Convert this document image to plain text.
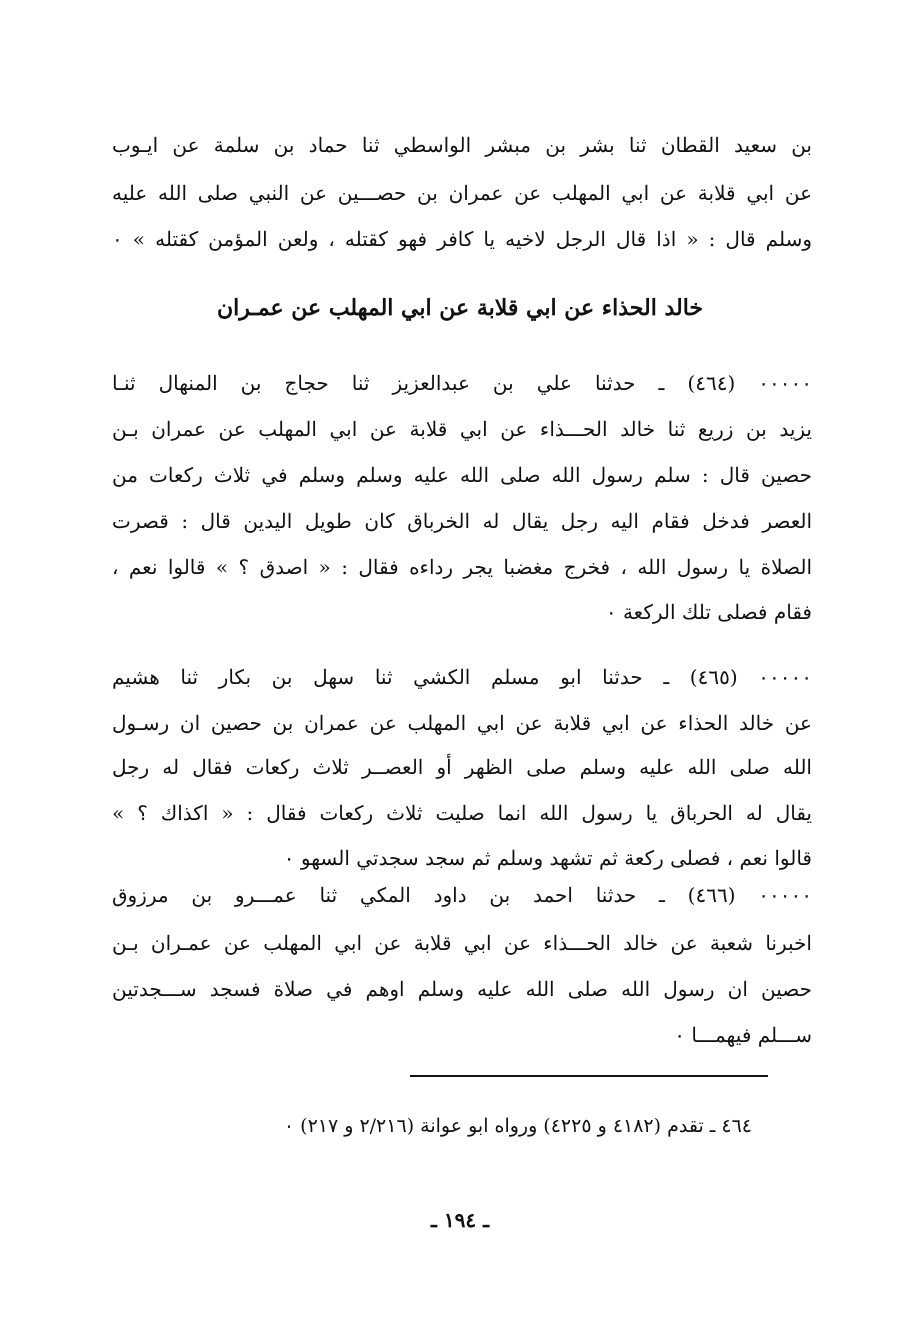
بن سعيد القطان ثنا بشر بن مبشر الواسطي ثنا حماد بن سلمة عن ايـوب
عن ابي قلابة عن ابي المهلب عن عمران بن حصـــين عن النبي صلى الله عليه
وسلم قال : « اذا قال الرجل لاخيه يا كافر فهو كقتله ، ولعن المؤمن كقتله » ٠
خالد الحذاء عن ابي قلابة عن ابي المهلب عن عمـران
٠٠٠٠٠ (٤٦٤) ـ حدثنا علي بن عبدالعزيز ثنا حجاج بن المنهال ثنـا
يزيد بن زريع ثنا خالد الحـــذاء عن ابي قلابة عن ابي المهلب عن عمران بـن
حصين قال : سلم رسول الله صلى الله عليه وسلم وسلم في ثلاث ركعات من
العصر فدخل فقام اليه رجل يقال له الخرباق كان طويل اليدين قال : قصرت
الصلاة يا رسول الله ، فخرج مغضبا يجر رداءه فقال : « اصدق ؟ » قالوا نعم ،
فقام فصلى تلك الركعة ٠
٠٠٠٠٠ (٤٦٥) ـ حدثنا ابو مسلم الكشي ثنا سهل بن بكار ثنا هشيم
عن خالد الحذاء عن ابي قلابة عن ابي المهلب عن عمران بن حصين ان رسـول
الله صلى الله عليه وسلم صلى الظهر أو العصــر ثلاث ركعات فقال له رجل
يقال له الحرباق يا رسول الله انما صليت ثلاث ركعات فقال : « اكذاك ؟ »
قالوا نعم ، فصلى ركعة ثم تشهد وسلم ثم سجد سجدتي السهو ٠
٠٠٠٠٠ (٤٦٦) ـ حدثنا احمد بن داود المكي ثنا عمـــرو بن مرزوق
اخبرنا شعبة عن خالد الحـــذاء عن ابي قلابة عن ابي المهلب عن عمـران بـن
حصين ان رسول الله صلى الله عليه وسلم اوهم في صلاة فسجد ســـجدتين
ســـلم فيهمـــا ٠
٤٦٤ ـ تقدم (٤١٨٢ و ٤٢٢٥) ورواه ابو عوانة (٢/٢١٦ و ٢١٧) ٠
ـ ١٩٤ ـ
